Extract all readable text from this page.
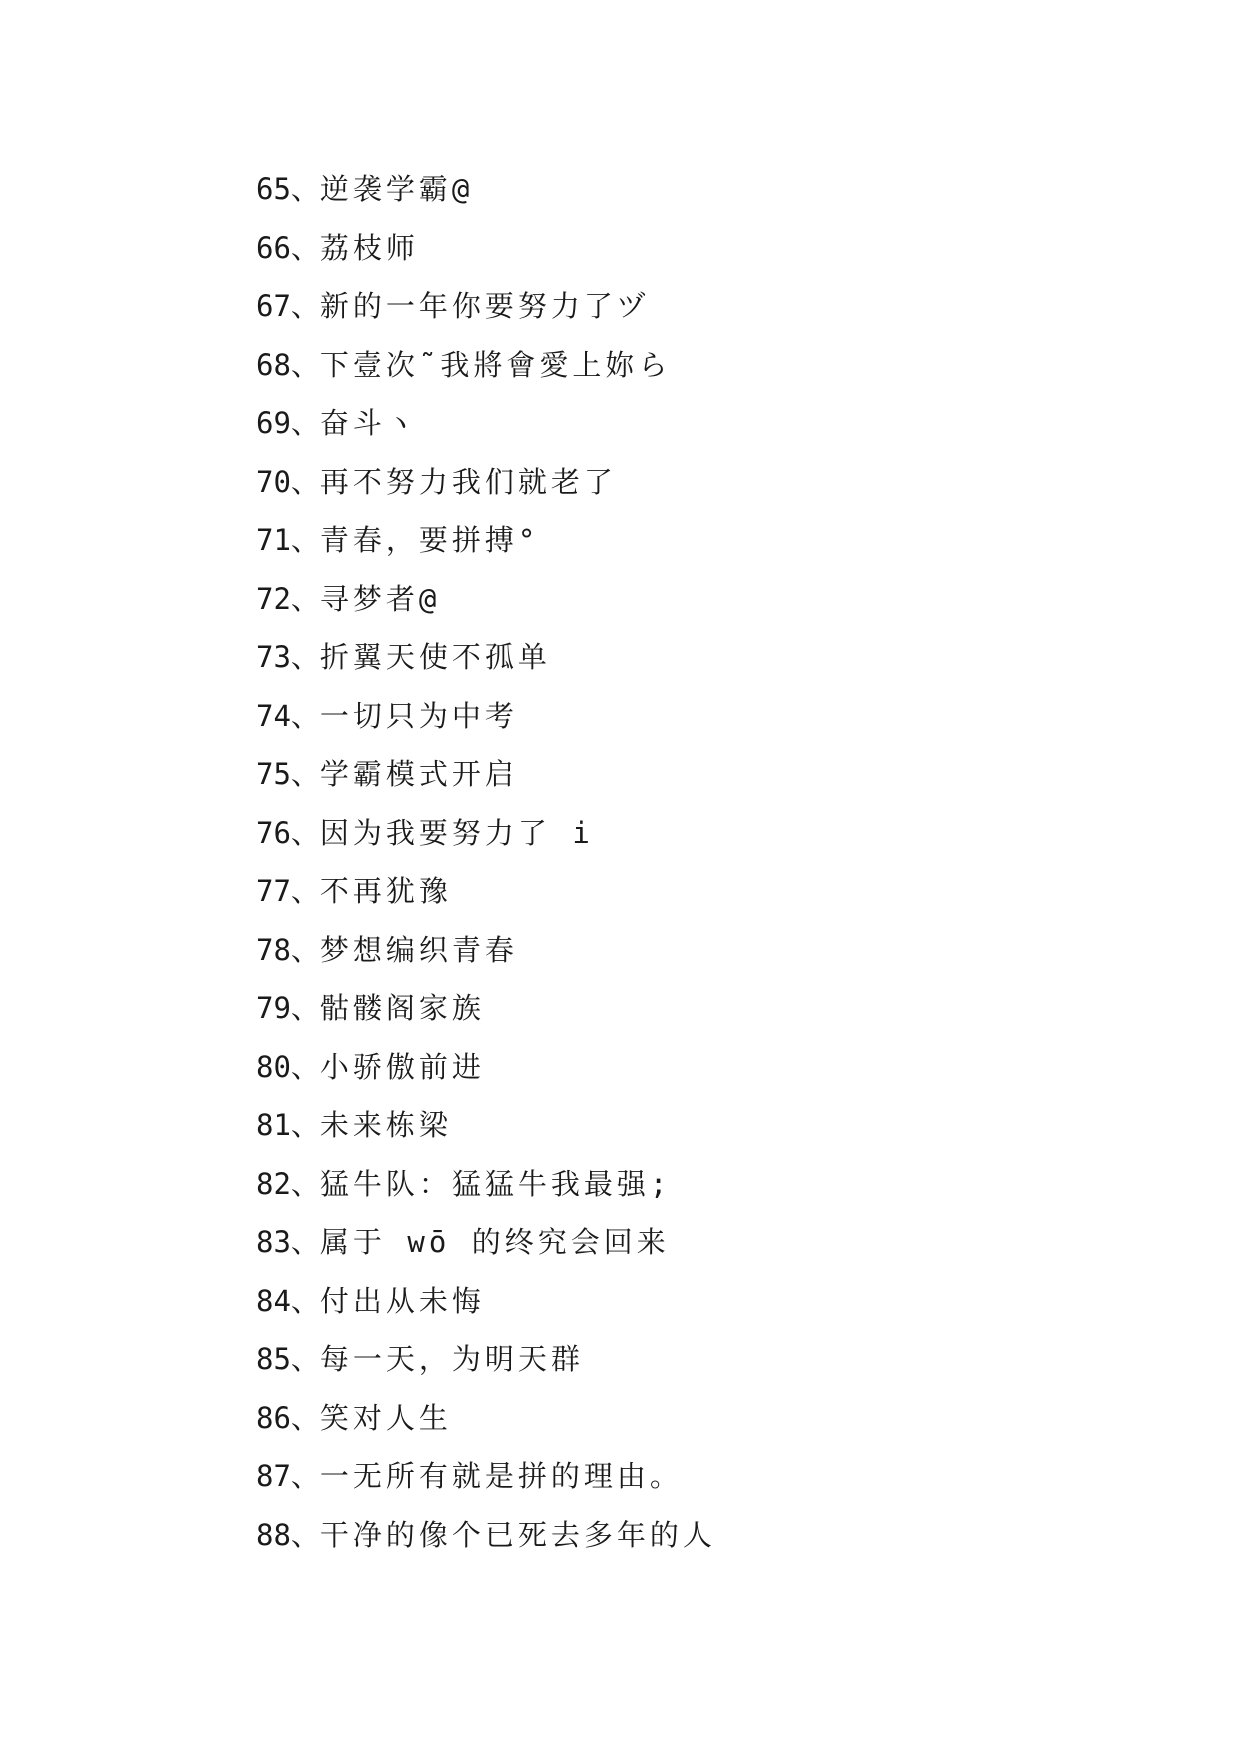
65、逆袭学霸@
66、荔枝师
67、新的一年你要努力了ヅ
68、下壹次˜我將會愛上妳ら
69、奋斗ヽ
70、再不努力我们就老了
71、青春，要拼搏°
72、寻梦者@
73、折翼天使不孤单
74、一切只为中考
75、学霸模式开启
76、因为我要努力了 i
77、不再犹豫
78、梦想编织青春
79、骷髅阁家族
80、小骄傲前进
81、未来栋梁
82、猛牛队：猛猛牛我最强;
83、属于 wō 的终究会回来
84、付出从未悔
85、每一天，为明天群
86、笑对人生
87、一无所有就是拼的理由。
88、干净的像个已死去多年的人
